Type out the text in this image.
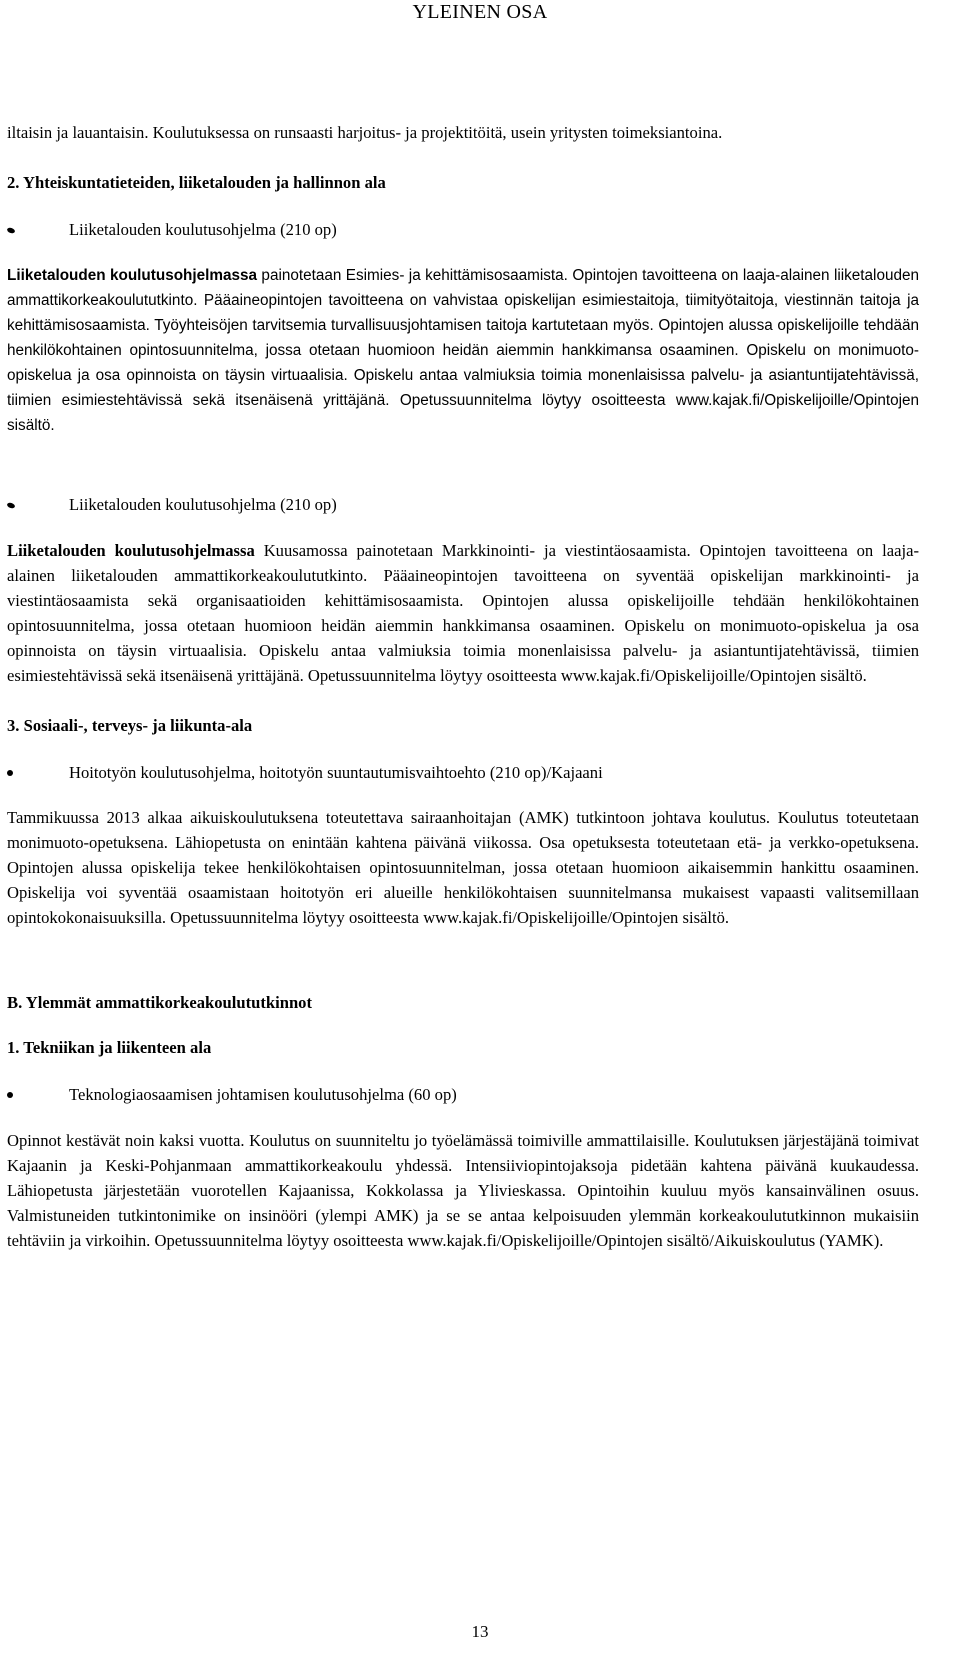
YLEINEN OSA

iltaisin ja lauantaisin. Koulutuksessa on runsaasti harjoitus- ja projektitöitä, usein yritysten toimeksiantoina.

2. Yhteiskuntatieteiden, liiketalouden ja hallinnon ala

Liiketalouden koulutusohjelma (210 op)

Liiketalouden koulutusohjelmassa painotetaan Esimies- ja kehittämisosaamista. Opintojen tavoitteena on laaja-alainen liiketalouden ammattikorkeakoulututkinto. Pääaineopintojen tavoitteena on vahvistaa opiskelijan esimiestaitoja, tiimityötaitoja, viestinnän taitoja ja kehittämisosaamista. Työyhteisöjen tarvitsemia turvallisuusjohtamisen taitoja kartutetaan myös. Opintojen alussa opiskelijoille tehdään henkilökohtainen opintosuunnitelma, jossa otetaan huomioon heidän aiemmin hankkimansa osaaminen. Opiskelu on monimuoto-opiskelua ja osa opinnoista on täysin virtuaalisia. Opiskelu antaa valmiuksia toimia monenlaisissa palvelu- ja asiantuntijatehtävissä, tiimien esimiestehtävissä sekä itsenäisenä yrittäjänä. Opetussuunnitelma löytyy osoitteesta www.kajak.fi/Opiskelijoille/Opintojen sisältö.

Liiketalouden koulutusohjelma (210 op)

Liiketalouden koulutusohjelmassa Kuusamossa painotetaan Markkinointi- ja viestintäosaamista. Opintojen tavoitteena on laaja-alainen liiketalouden ammattikorkeakoulututkinto. Pääaineopintojen tavoitteena on syventää opiskelijan markkinointi- ja viestintäosaamista sekä organisaatioiden kehittämisosaamista. Opintojen alussa opiskelijoille tehdään henkilökohtainen opintosuunnitelma, jossa otetaan huomioon heidän aiemmin hankkimansa osaaminen. Opiskelu on monimuoto-opiskelua ja osa opinnoista on täysin virtuaalisia. Opiskelu antaa valmiuksia toimia monenlaisissa palvelu- ja asiantuntijatehtävissä, tiimien esimiestehtävissä sekä itsenäisenä yrittäjänä. Opetussuunnitelma löytyy osoitteesta www.kajak.fi/Opiskelijoille/Opintojen sisältö.

3. Sosiaali-, terveys- ja liikunta-ala

Hoitotyön koulutusohjelma, hoitotyön suuntautumisvaihtoehto (210 op)/Kajaani

Tammikuussa 2013 alkaa aikuiskoulutuksena toteutettava sairaanhoitajan (AMK) tutkintoon johtava koulutus. Koulutus toteutetaan monimuoto-opetuksena. Lähiopetusta on enintään kahtena päivänä viikossa. Osa opetuksesta toteutetaan etä- ja verkko-opetuksena. Opintojen alussa opiskelija tekee henkilökohtaisen opintosuunnitelman, jossa otetaan huomioon aikaisemmin hankittu osaaminen. Opiskelija voi syventää osaamistaan hoitotyön eri alueille henkilökohtaisen suunnitelmansa mukaisest vapaasti valitsemillaan opintokokonaisuuksilla. Opetussuunnitelma löytyy osoitteesta www.kajak.fi/Opiskelijoille/Opintojen sisältö.

B. Ylemmät ammattikorkeakoulututkinnot

1. Tekniikan ja liikenteen ala

Teknologiaosaamisen johtamisen koulutusohjelma (60 op)

Opinnot kestävät noin kaksi vuotta. Koulutus on suunniteltu jo työelämässä toimiville ammattilaisille. Koulutuksen järjestäjänä toimivat Kajaanin ja Keski-Pohjanmaan ammattikorkeakoulu yhdessä. Intensiiviopintojaksoja pidetään kahtena päivänä kuukaudessa. Lähiopetusta järjestetään vuorotellen Kajaanissa, Kokkolassa ja Ylivieskassa. Opintoihin kuuluu myös kansainvälinen osuus. Valmistuneiden tutkintonimike on insinööri (ylempi AMK) ja se se antaa kelpoisuuden ylemmän korkeakoulututkinnon mukaisiin tehtäviin ja virkoihin. Opetussuunnitelma löytyy osoitteesta www.kajak.fi/Opiskelijoille/Opintojen sisältö/Aikuiskoulutus (YAMK).

13
